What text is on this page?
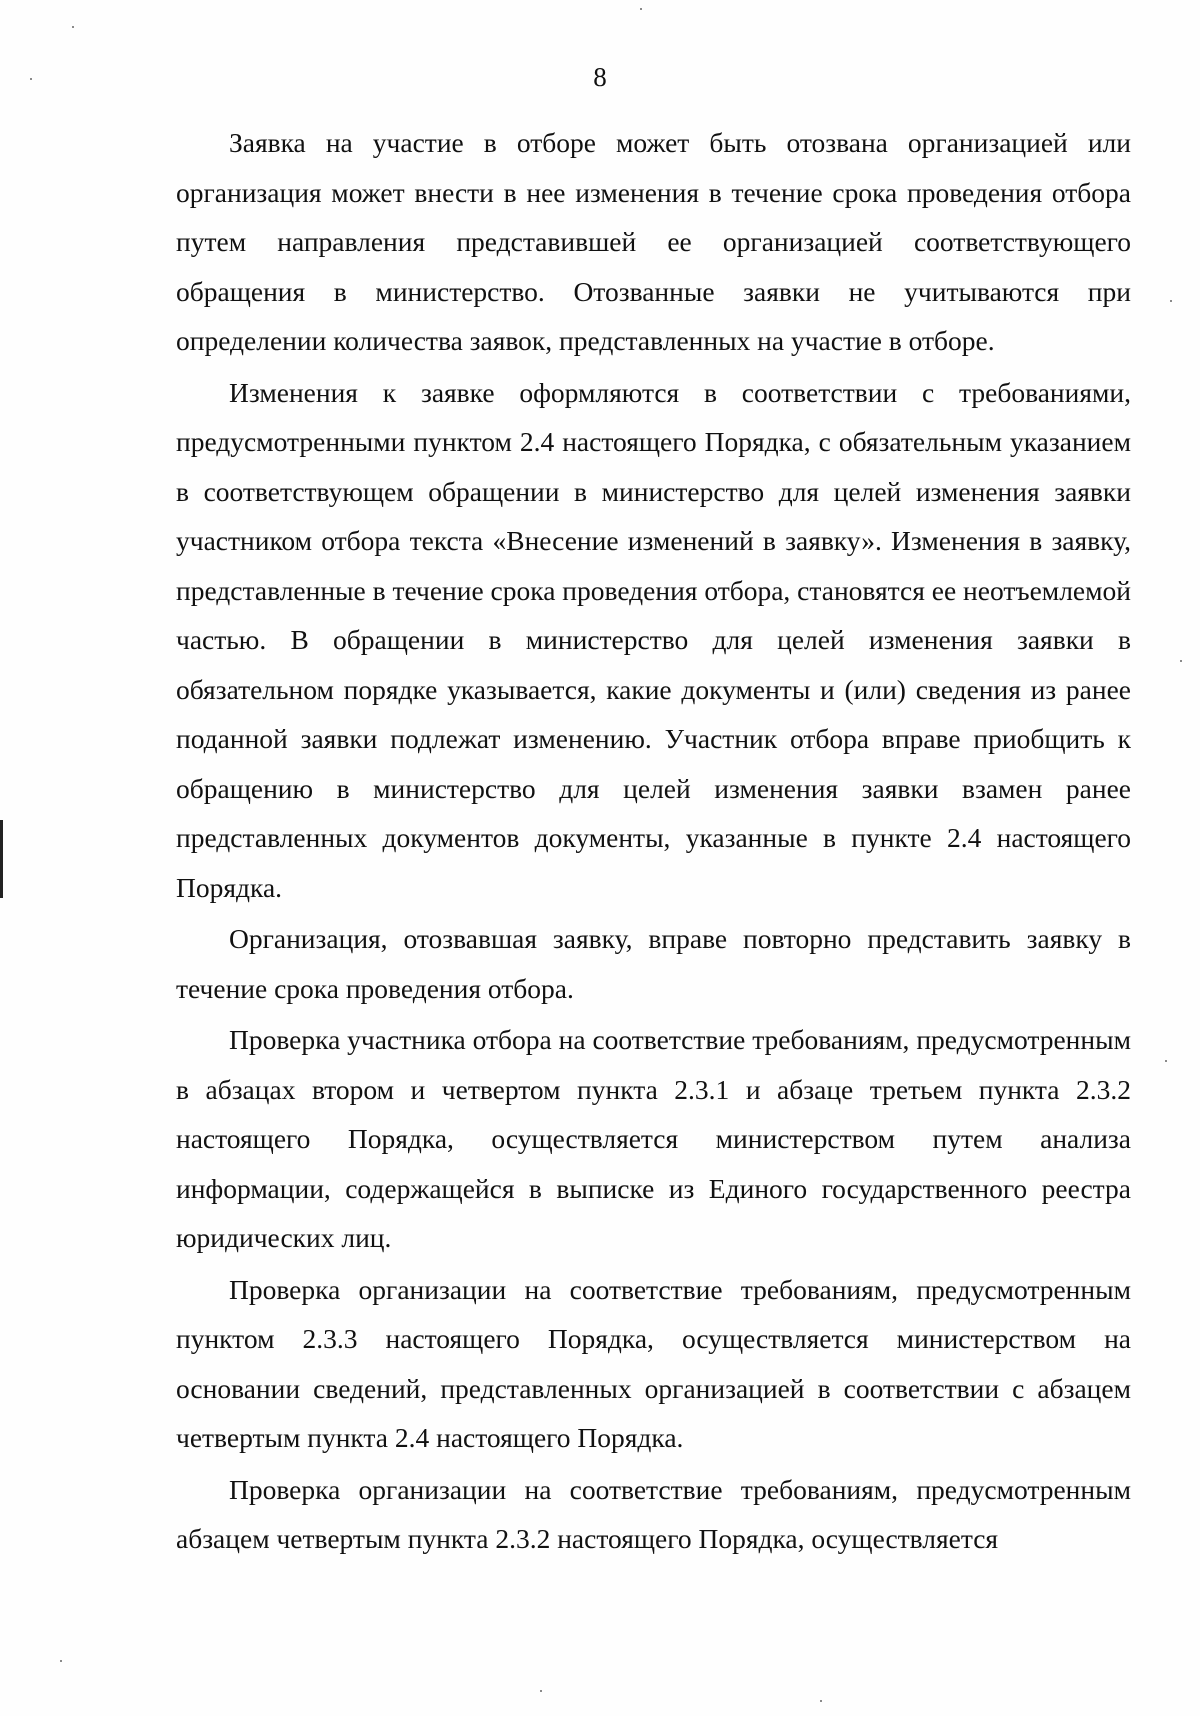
8

Заявка на участие в отборе может быть отозвана организацией или организация может внести в нее изменения в течение срока проведения отбора путем направления представившей ее организацией соответствующего обращения в министерство. Отозванные заявки не учитываются при определении количества заявок, представленных на участие в отборе.

Изменения к заявке оформляются в соответствии с требованиями, предусмотренными пунктом 2.4 настоящего Порядка, с обязательным указанием в соответствующем обращении в министерство для целей изменения заявки участником отбора текста «Внесение изменений в заявку». Изменения в заявку, представленные в течение срока проведения отбора, становятся ее неотъемлемой частью. В обращении в министерство для целей изменения заявки в обязательном порядке указывается, какие документы и (или) сведения из ранее поданной заявки подлежат изменению. Участник отбора вправе приобщить к обращению в министерство для целей изменения заявки взамен ранее представленных документов документы, указанные в пункте 2.4 настоящего Порядка.

Организация, отозвавшая заявку, вправе повторно представить заявку в течение срока проведения отбора.

Проверка участника отбора на соответствие требованиям, предусмотренным в абзацах втором и четвертом пункта 2.3.1 и абзаце третьем пункта 2.3.2 настоящего Порядка, осуществляется министерством путем анализа информации, содержащейся в выписке из Единого государственного реестра юридических лиц.

Проверка организации на соответствие требованиям, предусмотренным пунктом 2.3.3 настоящего Порядка, осуществляется министерством на основании сведений, представленных организацией в соответствии с абзацем четвертым пункта 2.4 настоящего Порядка.

Проверка организации на соответствие требованиям, предусмотренным абзацем четвертым пункта 2.3.2 настоящего Порядка, осуществляется
